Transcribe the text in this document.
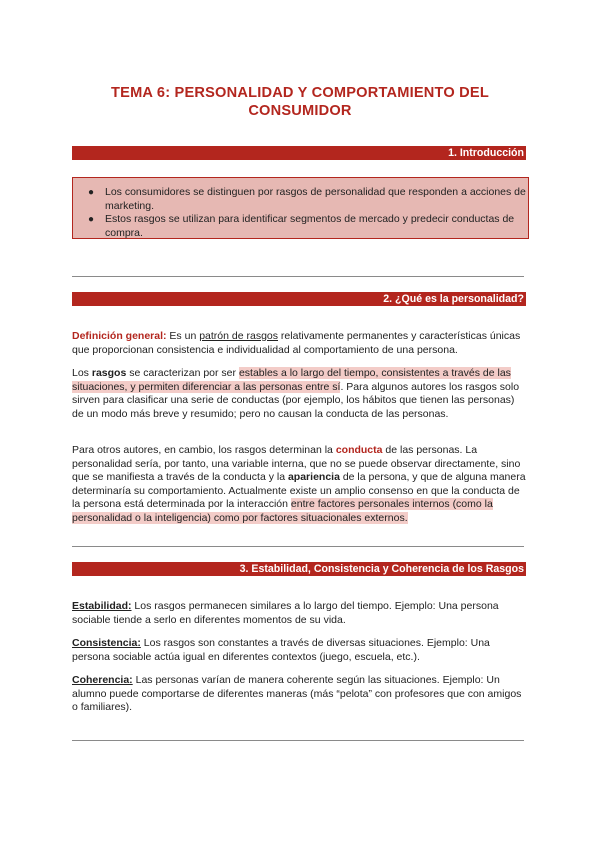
TEMA 6: PERSONALIDAD Y COMPORTAMIENTO DEL
CONSUMIDOR
1. Introducción
● Los consumidores se distinguen por rasgos de personalidad que responden a acciones de marketing.
● Estos rasgos se utilizan para identificar segmentos de mercado y predecir conductas de compra.
2. ¿Qué es la personalidad?
Definición general: Es un patrón de rasgos relativamente permanentes y características únicas que proporcionan consistencia e individualidad al comportamiento de una persona.
Los rasgos se caracterizan por ser estables a lo largo del tiempo, consistentes a través de las situaciones, y permiten diferenciar a las personas entre sí. Para algunos autores los rasgos solo sirven para clasificar una serie de conductas (por ejemplo, los hábitos que tienen las personas) de un modo más breve y resumido; pero no causan la conducta de las personas.
Para otros autores, en cambio, los rasgos determinan la conducta de las personas. La personalidad sería, por tanto, una variable interna, que no se puede observar directamente, sino que se manifiesta a través de la conducta y la apariencia de la persona, y que de alguna manera determinaría su comportamiento. Actualmente existe un amplio consenso en que la conducta de la persona está determinada por la interacción entre factores personales internos (como la personalidad o la inteligencia) como por factores situacionales externos.
3. Estabilidad, Consistencia y Coherencia de los Rasgos
Estabilidad: Los rasgos permanecen similares a lo largo del tiempo. Ejemplo: Una persona sociable tiende a serlo en diferentes momentos de su vida.
Consistencia: Los rasgos son constantes a través de diversas situaciones. Ejemplo: Una persona sociable actúa igual en diferentes contextos (juego, escuela, etc.).
Coherencia: Las personas varían de manera coherente según las situaciones. Ejemplo: Un alumno puede comportarse de diferentes maneras (más “pelota” con profesores que con amigos o familiares).
